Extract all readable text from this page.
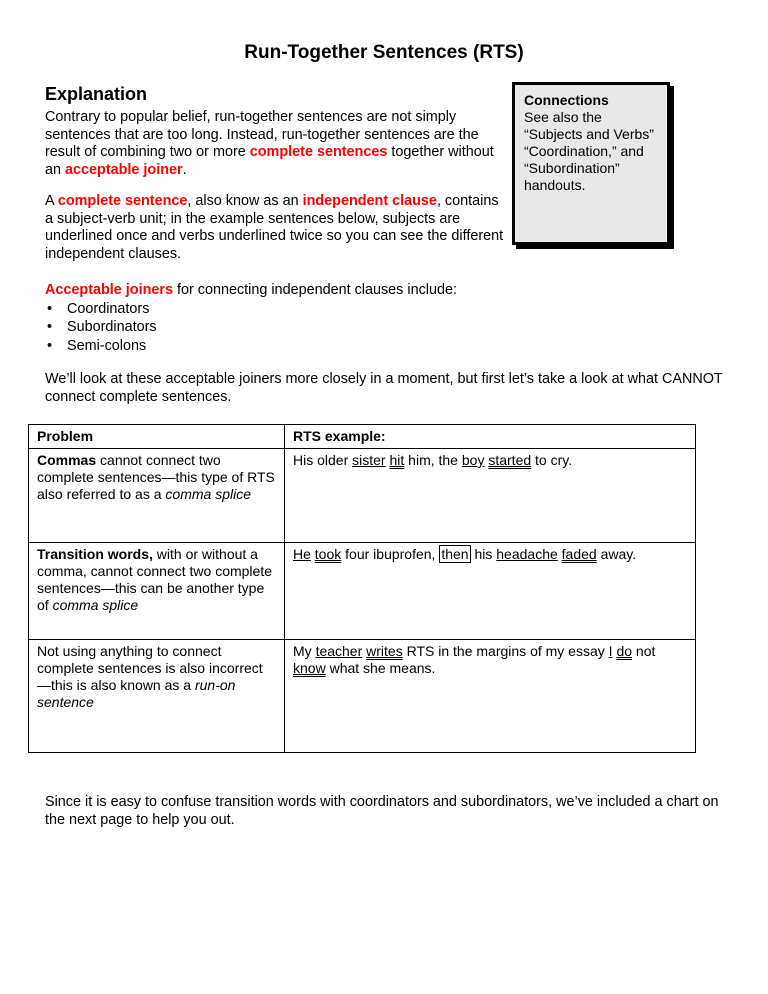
Run-Together Sentences (RTS)
Explanation
Contrary to popular belief, run-together sentences are not simply sentences that are too long. Instead, run-together sentences are the result of combining two or more complete sentences together without an acceptable joiner.
A complete sentence, also know as an independent clause, contains a subject-verb unit; in the example sentences below, subjects are underlined once and verbs underlined twice so you can see the different independent clauses.
Connections
See also the “Subjects and Verbs” “Coordination,” and “Subordination” handouts.
Acceptable joiners for connecting independent clauses include:
• Coordinators
• Subordinators
• Semi-colons
We’ll look at these acceptable joiners more closely in a moment, but first let’s take a look at what CANNOT connect complete sentences.
Problem	RTS example:
Commas cannot connect two complete sentences—this type of RTS also referred to as a comma splice	His older sister hit him, the boy started to cry.
Transition words, with or without a comma, cannot connect two complete sentences—this can be another type of comma splice	He took four ibuprofen, then his headache faded away.
Not using anything to connect complete sentences is also incorrect—this is also known as a run-on sentence	My teacher writes RTS in the margins of my essay I do not know what she means.
Since it is easy to confuse transition words with coordinators and subordinators, we’ve included a chart on the next page to help you out.
